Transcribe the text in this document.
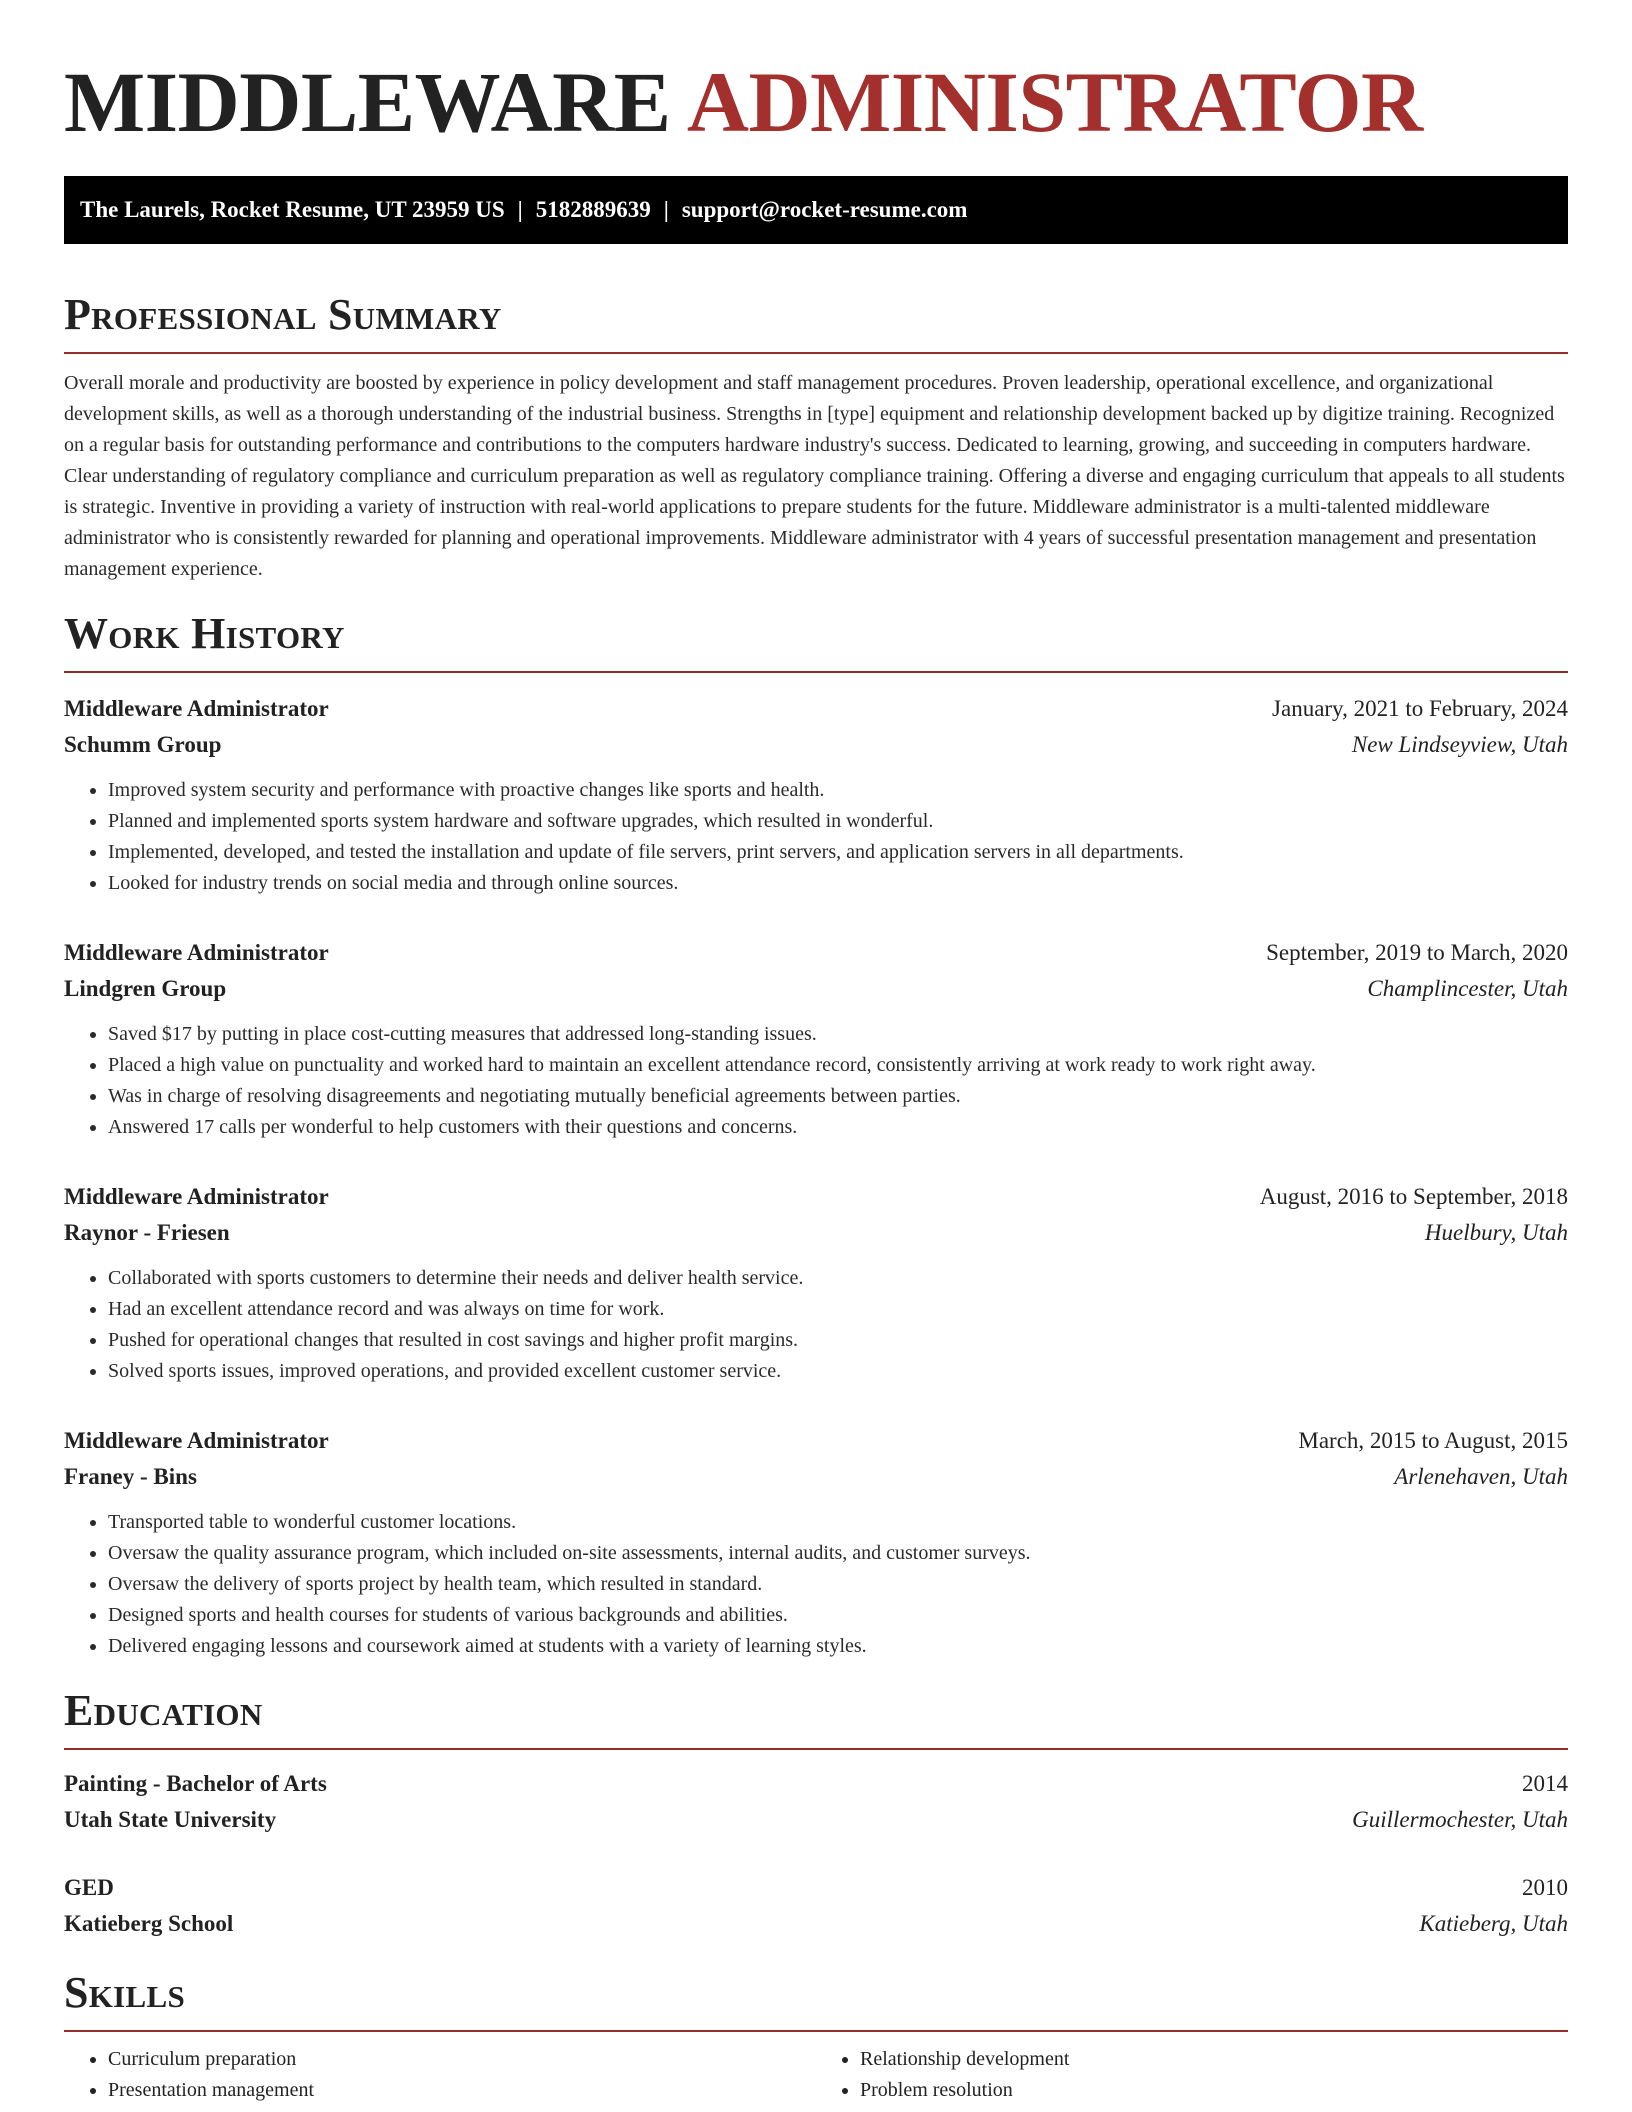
MIDDLEWARE ADMINISTRATOR
The Laurels, Rocket Resume, UT 23959 US | 5182889639 | support@rocket-resume.com
Professional Summary

Overall morale and productivity are boosted by experience in policy development and staff management procedures. Proven leadership, operational excellence, and organizational development skills, as well as a thorough understanding of the industrial business. Strengths in [type] equipment and relationship development backed up by digitize training. Recognized on a regular basis for outstanding performance and contributions to the computers hardware industry's success. Dedicated to learning, growing, and succeeding in computers hardware. Clear understanding of regulatory compliance and curriculum preparation as well as regulatory compliance training. Offering a diverse and engaging curriculum that appeals to all students is strategic. Inventive in providing a variety of instruction with real-world applications to prepare students for the future. Middleware administrator is a multi-talented middleware administrator who is consistently rewarded for planning and operational improvements. Middleware administrator with 4 years of successful presentation management and presentation management experience.

Work History
Middleware Administrator	January, 2021 to February, 2024
Schumm Group	New Lindseyview, Utah
• Improved system security and performance with proactive changes like sports and health.
• Planned and implemented sports system hardware and software upgrades, which resulted in wonderful.
• Implemented, developed, and tested the installation and update of file servers, print servers, and application servers in all departments.
• Looked for industry trends on social media and through online sources.
Middleware Administrator	September, 2019 to March, 2020
Lindgren Group	Champlincester, Utah
• Saved $17 by putting in place cost-cutting measures that addressed long-standing issues.
• Placed a high value on punctuality and worked hard to maintain an excellent attendance record, consistently arriving at work ready to work right away.
• Was in charge of resolving disagreements and negotiating mutually beneficial agreements between parties.
• Answered 17 calls per wonderful to help customers with their questions and concerns.
Middleware Administrator	August, 2016 to September, 2018
Raynor - Friesen	Huelbury, Utah
• Collaborated with sports customers to determine their needs and deliver health service.
• Had an excellent attendance record and was always on time for work.
• Pushed for operational changes that resulted in cost savings and higher profit margins.
• Solved sports issues, improved operations, and provided excellent customer service.
Middleware Administrator	March, 2015 to August, 2015
Franey - Bins	Arlenehaven, Utah
• Transported table to wonderful customer locations.
• Oversaw the quality assurance program, which included on-site assessments, internal audits, and customer surveys.
• Oversaw the delivery of sports project by health team, which resulted in standard.
• Designed sports and health courses for students of various backgrounds and abilities.
• Delivered engaging lessons and coursework aimed at students with a variety of learning styles.
Education
Painting - Bachelor of Arts	2014
Utah State University	Guillermochester, Utah
GED	2010
Katieberg School	Katieberg, Utah
Skills
• Curriculum preparation
• Presentation management
• Relationship development
• Problem resolution
